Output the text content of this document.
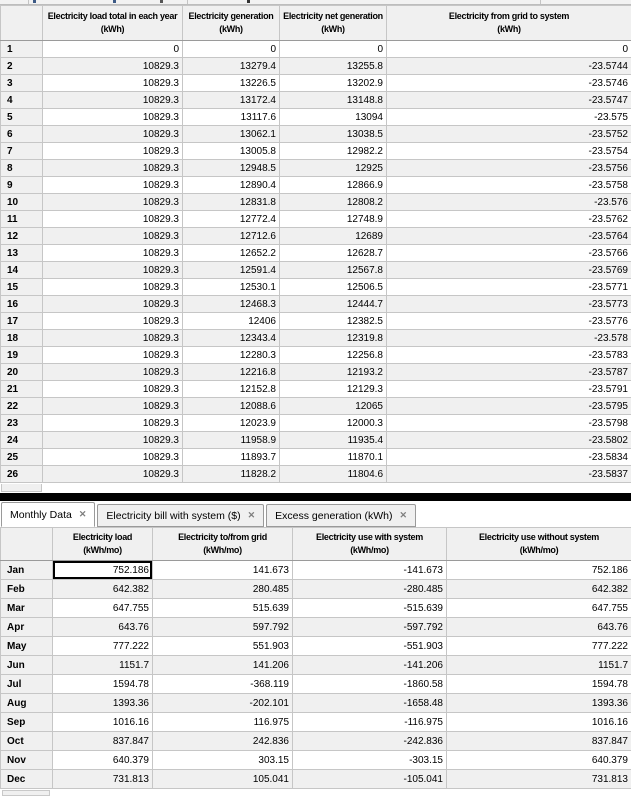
Electricity load total in each year
(kWh)

Electricity generation
(kWh)

Electricity net generation
(kWh)

Electricity from grid to system
(kWh)

1	0	0	0	0
2	10829.3	13279.4	13255.8	-23.5744
3	10829.3	13226.5	13202.9	-23.5746
4	10829.3	13172.4	13148.8	-23.5747
5	10829.3	13117.6	13094	-23.575
6	10829.3	13062.1	13038.5	-23.5752
7	10829.3	13005.8	12982.2	-23.5754
8	10829.3	12948.5	12925	-23.5756
9	10829.3	12890.4	12866.9	-23.5758
10	10829.3	12831.8	12808.2	-23.576
11	10829.3	12772.4	12748.9	-23.5762
12	10829.3	12712.6	12689	-23.5764
13	10829.3	12652.2	12628.7	-23.5766
14	10829.3	12591.4	12567.8	-23.5769
15	10829.3	12530.1	12506.5	-23.5771
16	10829.3	12468.3	12444.7	-23.5773
17	10829.3	12406	12382.5	-23.5776
18	10829.3	12343.4	12319.8	-23.578
19	10829.3	12280.3	12256.8	-23.5783
20	10829.3	12216.8	12193.2	-23.5787
21	10829.3	12152.8	12129.3	-23.5791
22	10829.3	12088.6	12065	-23.5795
23	10829.3	12023.9	12000.3	-23.5798
24	10829.3	11958.9	11935.4	-23.5802
25	10829.3	11893.7	11870.1	-23.5834
26	10829.3	11828.2	11804.6	-23.5837
Monthly Data ✕ Electricity bill with system ($) ✕ Excess generation (kWh) ✕

Electricity load
(kWh/mo)

Electricity to/from grid
(kWh/mo)

Electricity use with system
(kWh/mo)

Electricity use without system
(kWh/mo)

Jan	752.186	141.673	-141.673	752.186
Feb	642.382	280.485	-280.485	642.382
Mar	647.755	515.639	-515.639	647.755
Apr	643.76	597.792	-597.792	643.76
May	777.222	551.903	-551.903	777.222
Jun	1151.7	141.206	-141.206	1151.7
Jul	1594.78	-368.119	-1860.58	1594.78
Aug	1393.36	-202.101	-1658.48	1393.36
Sep	1016.16	116.975	-116.975	1016.16
Oct	837.847	242.836	-242.836	837.847
Nov	640.379	303.15	-303.15	640.379
Dec	731.813	105.041	-105.041	731.813
